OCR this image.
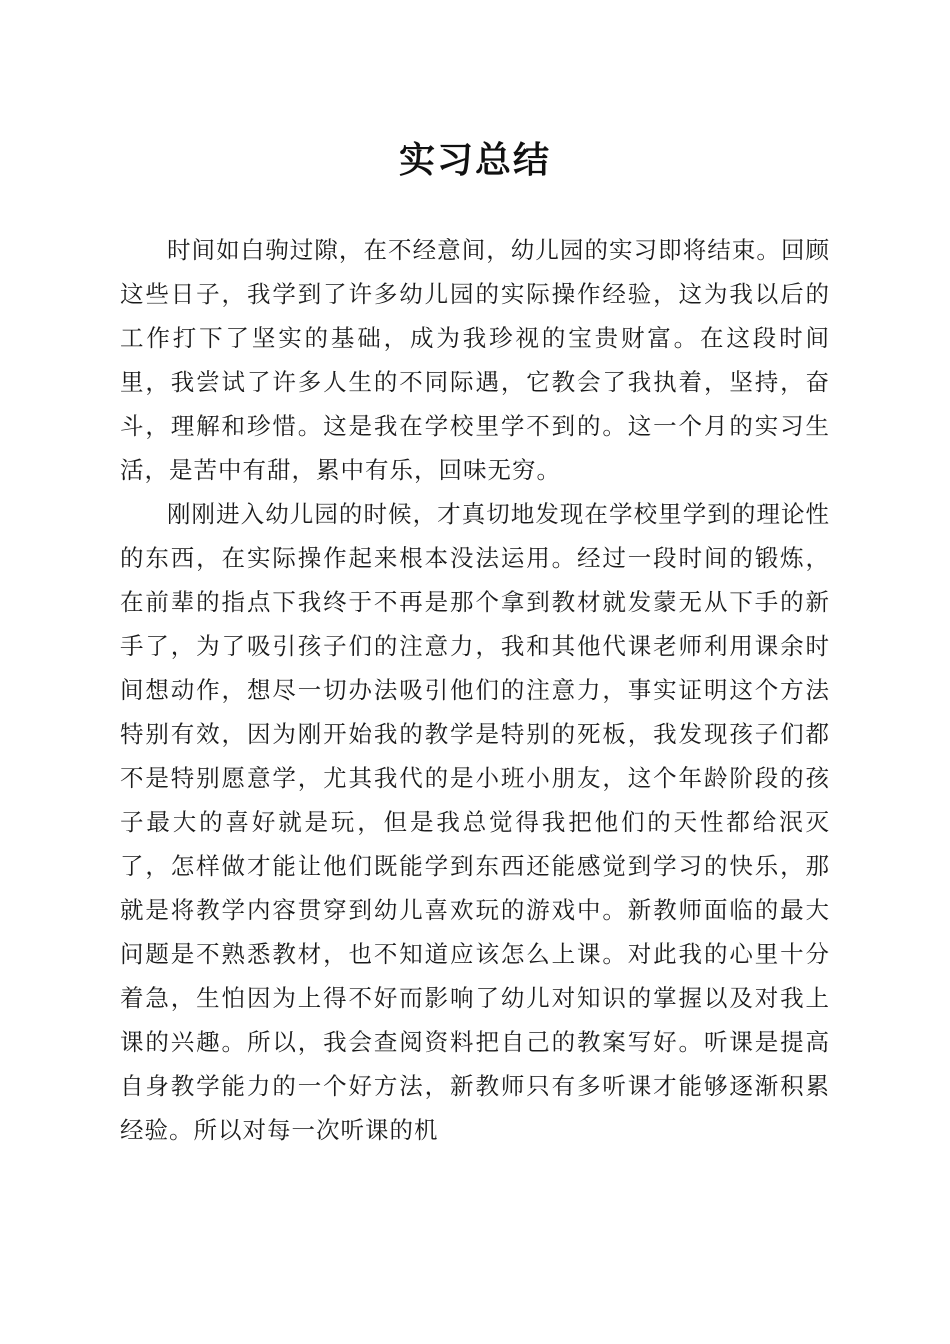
实习总结

时间如白驹过隙，在不经意间，幼儿园的实习即将结束。回顾这些日子，我学到了许多幼儿园的实际操作经验，这为我以后的工作打下了坚实的基础，成为我珍视的宝贵财富。在这段时间里，我尝试了许多人生的不同际遇，它教会了我执着，坚持，奋斗，理解和珍惜。这是我在学校里学不到的。这一个月的实习生活，是苦中有甜，累中有乐，回味无穷。

刚刚进入幼儿园的时候，才真切地发现在学校里学到的理论性的东西，在实际操作起来根本没法运用。经过一段时间的锻炼，在前辈的指点下我终于不再是那个拿到教材就发蒙无从下手的新手了，为了吸引孩子们的注意力，我和其他代课老师利用课余时间想动作，想尽一切办法吸引他们的注意力，事实证明这个方法特别有效，因为刚开始我的教学是特别的死板，我发现孩子们都不是特别愿意学，尤其我代的是小班小朋友，这个年龄阶段的孩子最大的喜好就是玩，但是我总觉得我把他们的天性都给泯灭了，怎样做才能让他们既能学到东西还能感觉到学习的快乐，那就是将教学内容贯穿到幼儿喜欢玩的游戏中。新教师面临的最大问题是不熟悉教材，也不知道应该怎么上课。对此我的心里十分着急，生怕因为上得不好而影响了幼儿对知识的掌握以及对我上课的兴趣。所以，我会查阅资料把自己的教案写好。听课是提高自身教学能力的一个好方法，新教师只有多听课才能够逐渐积累经验。所以对每一次听课的机
